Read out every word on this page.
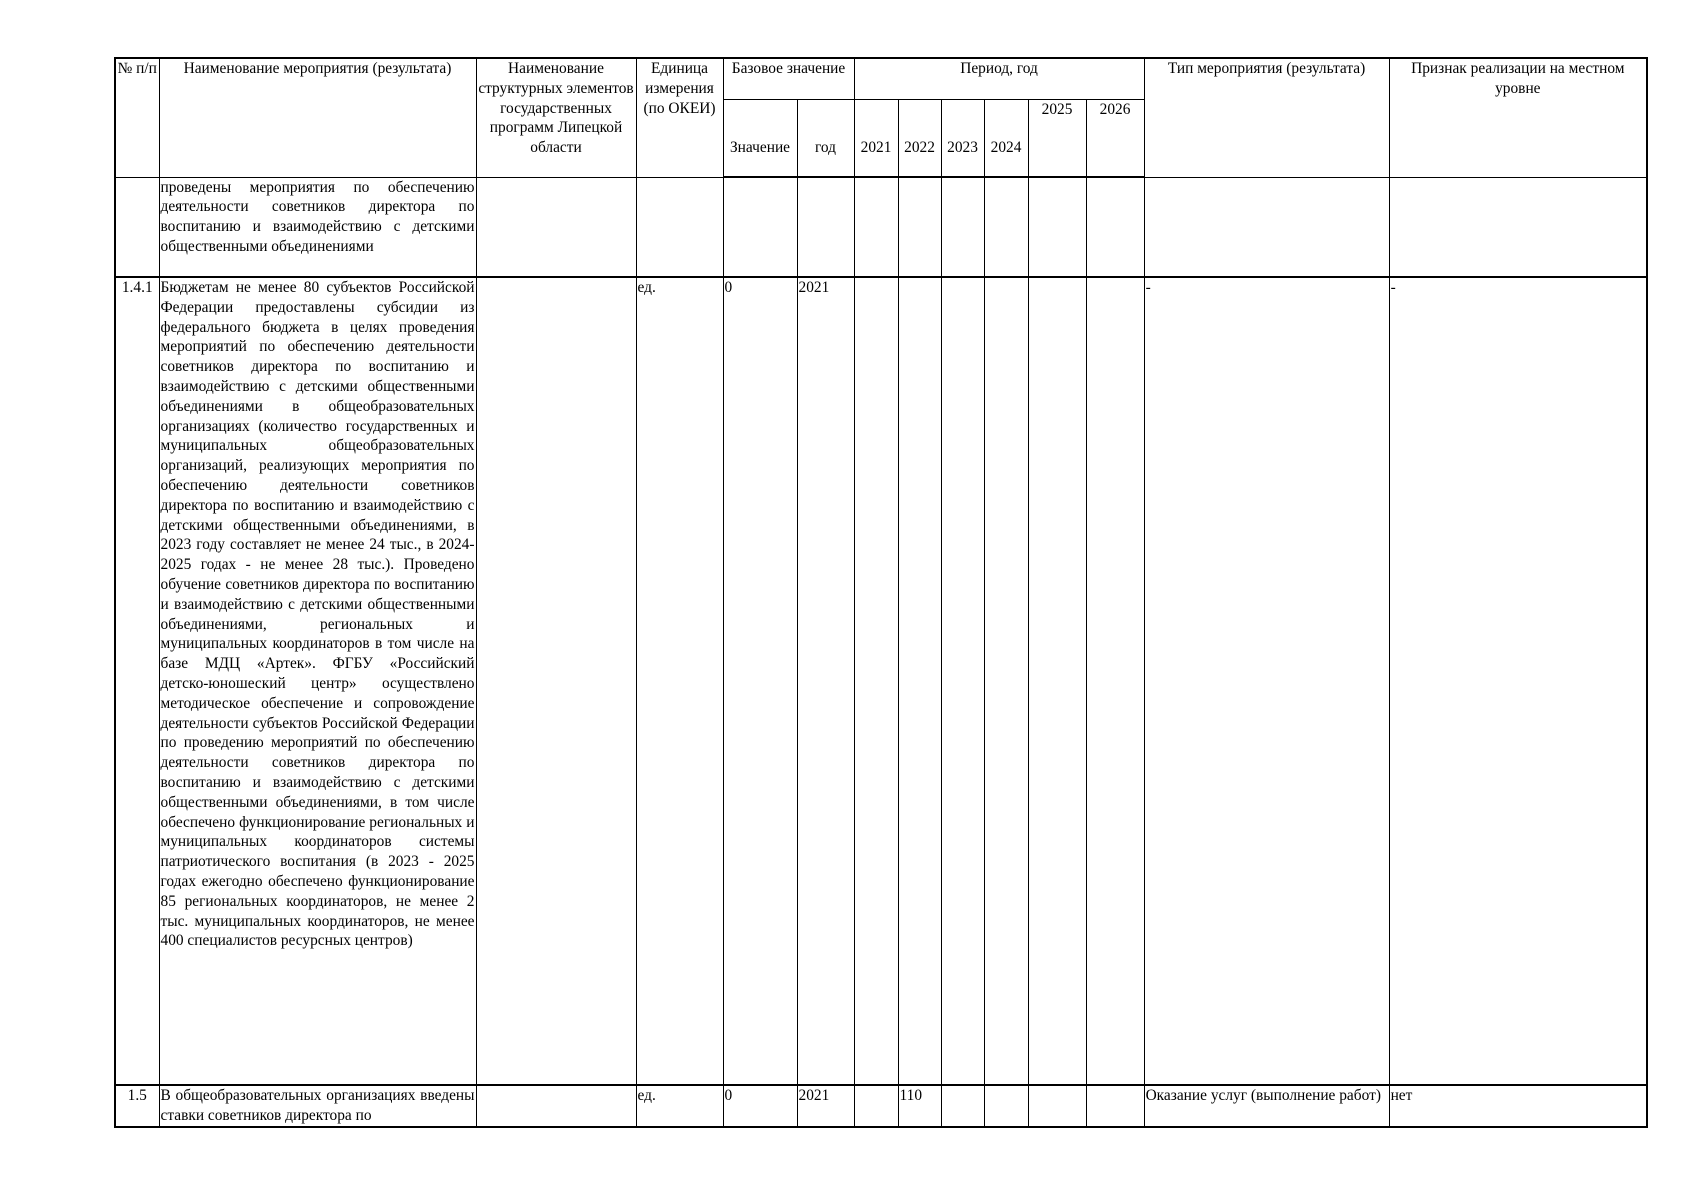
№ п/п	Наименование мероприятия (результата)	Наименование структурных элементов государственных программ Липецкой области	Единица измерения (по ОКЕИ)	Базовое значение		Период, год						Тип мероприятия (результата)	Признак реализации на местном уровне
				Значение	год	2021	2022	2023	2024	2025	2026		
	проведены мероприятия по обеспечению деятельности советников директора по воспитанию и взаимодействию с детскими общественными объединениями												
1.4.1	Бюджетам не менее 80 субъектов Российской Федерации предоставлены субсидии из федерального бюджета в целях проведения мероприятий по обеспечению деятельности советников директора по воспитанию и взаимодействию с детскими общественными объединениями в общеобразовательных организациях (количество государственных и муниципальных общеобразовательных организаций, реализующих мероприятия по обеспечению деятельности советников директора по воспитанию и взаимодействию с детскими общественными объединениями, в 2023 году составляет не менее 24 тыс., в 2024-2025 годах - не менее 28 тыс.). Проведено обучение советников директора по воспитанию и взаимодействию с детскими общественными объединениями, региональных и муниципальных координаторов в том числе на базе МДЦ «Артек». ФГБУ «Российский детско-юношеский центр» осуществлено методическое обеспечение и сопровождение деятельности субъектов Российской Федерации по проведению мероприятий по обеспечению деятельности советников директора по воспитанию и взаимодействию с детскими общественными объединениями, в том числе обеспечено функционирование региональных и муниципальных координаторов системы патриотического воспитания (в 2023 - 2025 годах ежегодно обеспечено функционирование 85 региональных координаторов, не менее 2 тыс. муниципальных координаторов, не менее 400 специалистов ресурсных центров)		ед.	0	2021							-	-
1.5	В общеобразовательных организациях введены ставки советников директора по		ед.	0	2021		110					Оказание услуг (выполнение работ)	нет
